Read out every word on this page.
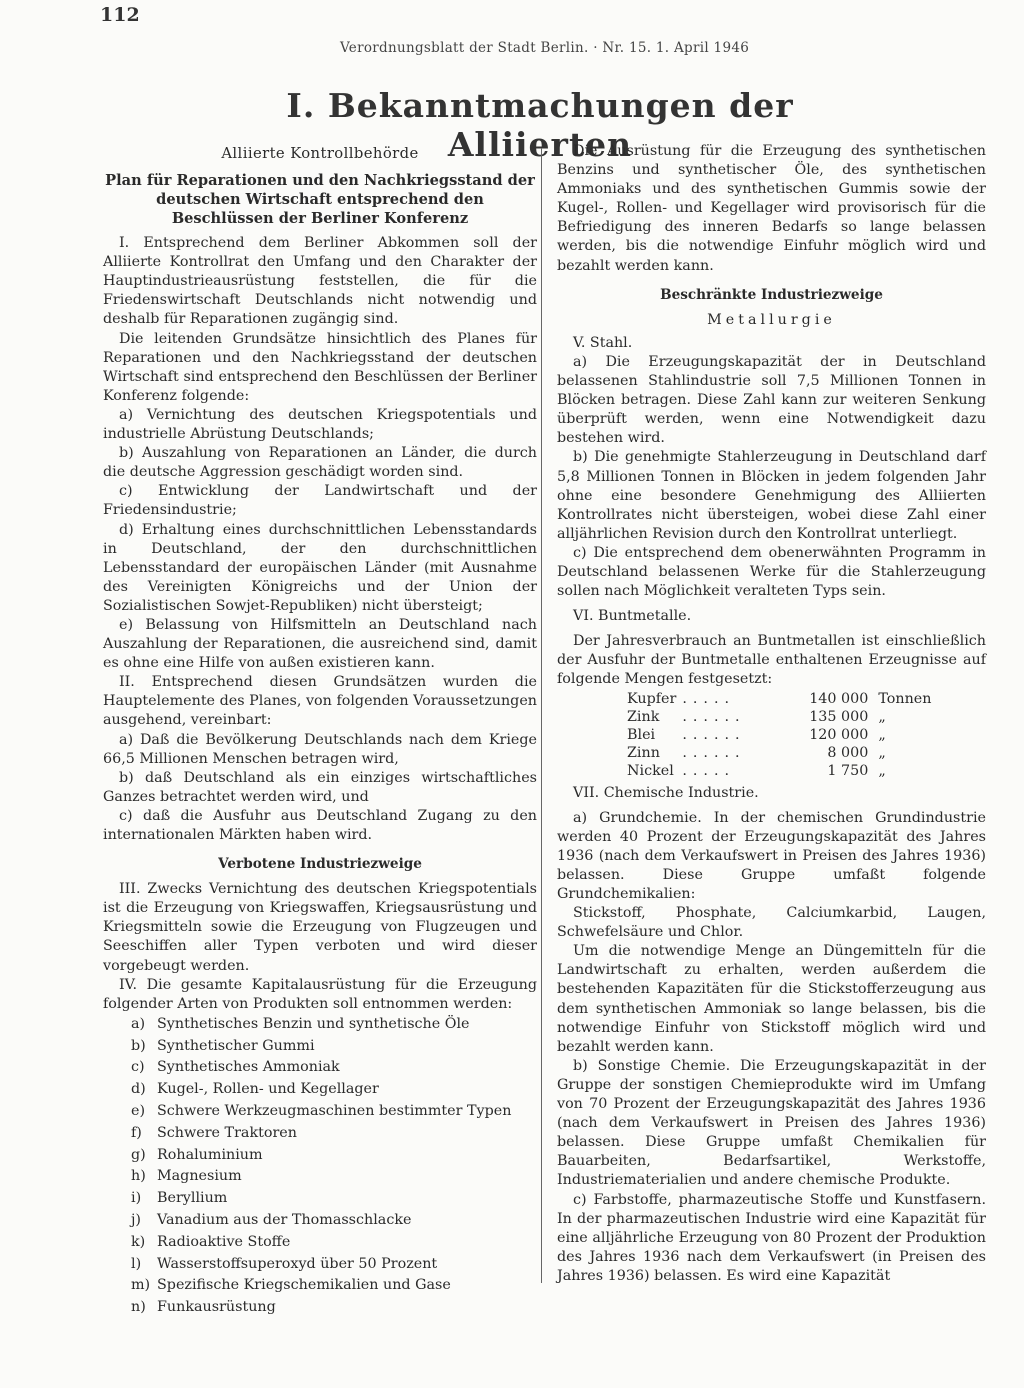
112
Verordnungsblatt der Stadt Berlin. · Nr. 15. 1. April 1946
I. Bekanntmachungen der Alliierten
Alliierte Kontrollbehörde
Plan für Reparationen und den Nachkriegsstand der deutschen Wirtschaft entsprechend den Beschlüssen der Berliner Konferenz

I. Entsprechend dem Berliner Abkommen soll der Alliierte Kontrollrat den Umfang und den Charakter der Hauptindustrieausrüstung feststellen, die für die Friedenswirtschaft Deutschlands nicht notwendig und deshalb für Reparationen zugängig sind.

Die leitenden Grundsätze hinsichtlich des Planes für Reparationen und den Nachkriegsstand der deutschen Wirtschaft sind entsprechend den Beschlüssen der Berliner Konferenz folgende:

a) Vernichtung des deutschen Kriegspotentials und industrielle Abrüstung Deutschlands;

b) Auszahlung von Reparationen an Länder, die durch die deutsche Aggression geschädigt worden sind.

c) Entwicklung der Landwirtschaft und der Friedensindustrie;

d) Erhaltung eines durchschnittlichen Lebensstandards in Deutschland, der den durchschnittlichen Lebensstandard der europäischen Länder (mit Ausnahme des Vereinigten Königreichs und der Union der Sozialistischen Sowjet-Republiken) nicht übersteigt;

e) Belassung von Hilfsmitteln an Deutschland nach Auszahlung der Reparationen, die ausreichend sind, damit es ohne eine Hilfe von außen existieren kann.

II. Entsprechend diesen Grundsätzen wurden die Hauptelemente des Planes, von folgenden Voraussetzungen ausgehend, vereinbart:

a) Daß die Bevölkerung Deutschlands nach dem Kriege 66,5 Millionen Menschen betragen wird,

b) daß Deutschland als ein einziges wirtschaftliches Ganzes betrachtet werden wird, und

c) daß die Ausfuhr aus Deutschland Zugang zu den internationalen Märkten haben wird.

Verbotene Industriezweige

III. Zwecks Vernichtung des deutschen Kriegspotentials ist die Erzeugung von Kriegswaffen, Kriegsausrüstung und Kriegsmitteln sowie die Erzeugung von Flugzeugen und Seeschiffen aller Typen verboten und wird dieser vorgebeugt werden.

IV. Die gesamte Kapitalausrüstung für die Erzeugung folgender Arten von Produkten soll entnommen werden:

a) Synthetisches Benzin und synthetische Öle
b) Synthetischer Gummi
c) Synthetisches Ammoniak
d) Kugel-, Rollen- und Kegellager
e) Schwere Werkzeugmaschinen bestimmter Typen
f) Schwere Traktoren
g) Rohaluminium
h) Magnesium
i) Beryllium
j) Vanadium aus der Thomasschlacke
k) Radioaktive Stoffe
l) Wasserstoffsuperoxyd über 50 Prozent
m) Spezifische Kriegschemikalien und Gase
n) Funkausrüstung

Die Ausrüstung für die Erzeugung des synthetischen Benzins und synthetischer Öle, des synthetischen Ammoniaks und des synthetischen Gummis sowie der Kugel-, Rollen- und Kegellager wird provisorisch für die Befriedigung des inneren Bedarfs so lange belassen werden, bis die notwendige Einfuhr möglich wird und bezahlt werden kann.

Beschränkte Industriezweige
Metallurgie

V. Stahl.

a) Die Erzeugungskapazität der in Deutschland belassenen Stahlindustrie soll 7,5 Millionen Tonnen in Blöcken betragen. Diese Zahl kann zur weiteren Senkung überprüft werden, wenn eine Notwendigkeit dazu bestehen wird.

b) Die genehmigte Stahlerzeugung in Deutschland darf 5,8 Millionen Tonnen in Blöcken in jedem folgenden Jahr ohne eine besondere Genehmigung des Alliierten Kontrollrates nicht übersteigen, wobei diese Zahl einer alljährlichen Revision durch den Kontrollrat unterliegt.

c) Die entsprechend dem obenerwähnten Programm in Deutschland belassenen Werke für die Stahlerzeugung sollen nach Möglichkeit veralteten Typs sein.

VI. Buntmetalle.

Der Jahresverbrauch an Buntmetallen ist einschließlich der Ausfuhr der Buntmetalle enthaltenen Erzeugnisse auf folgende Mengen festgesetzt:

Kupfer	.....	140 000	Tonnen
Zink	......	135 000	„
Blei	......	120 000	„
Zinn	......	8 000	„
Nickel	.....	1 750	„

VII. Chemische Industrie.

a) Grundchemie. In der chemischen Grundindustrie werden 40 Prozent der Erzeugungskapazität des Jahres 1936 (nach dem Verkaufswert in Preisen des Jahres 1936) belassen. Diese Gruppe umfaßt folgende Grundchemikalien:

Stickstoff, Phosphate, Calciumkarbid, Laugen, Schwefelsäure und Chlor.

Um die notwendige Menge an Düngemitteln für die Landwirtschaft zu erhalten, werden außerdem die bestehenden Kapazitäten für die Stickstofferzeugung aus dem synthetischen Ammoniak so lange belassen, bis die notwendige Einfuhr von Stickstoff möglich wird und bezahlt werden kann.

b) Sonstige Chemie. Die Erzeugungskapazität in der Gruppe der sonstigen Chemieprodukte wird im Umfang von 70 Prozent der Erzeugungskapazität des Jahres 1936 (nach dem Verkaufswert in Preisen des Jahres 1936) belassen. Diese Gruppe umfaßt Chemikalien für Bauarbeiten, Bedarfsartikel, Werkstoffe, Industriematerialien und andere chemische Produkte.

c) Farbstoffe, pharmazeutische Stoffe und Kunstfasern. In der pharmazeutischen Industrie wird eine Kapazität für eine alljährliche Erzeugung von 80 Prozent der Produktion des Jahres 1936 nach dem Verkaufswert (in Preisen des Jahres 1936) belassen. Es wird eine Kapazität
